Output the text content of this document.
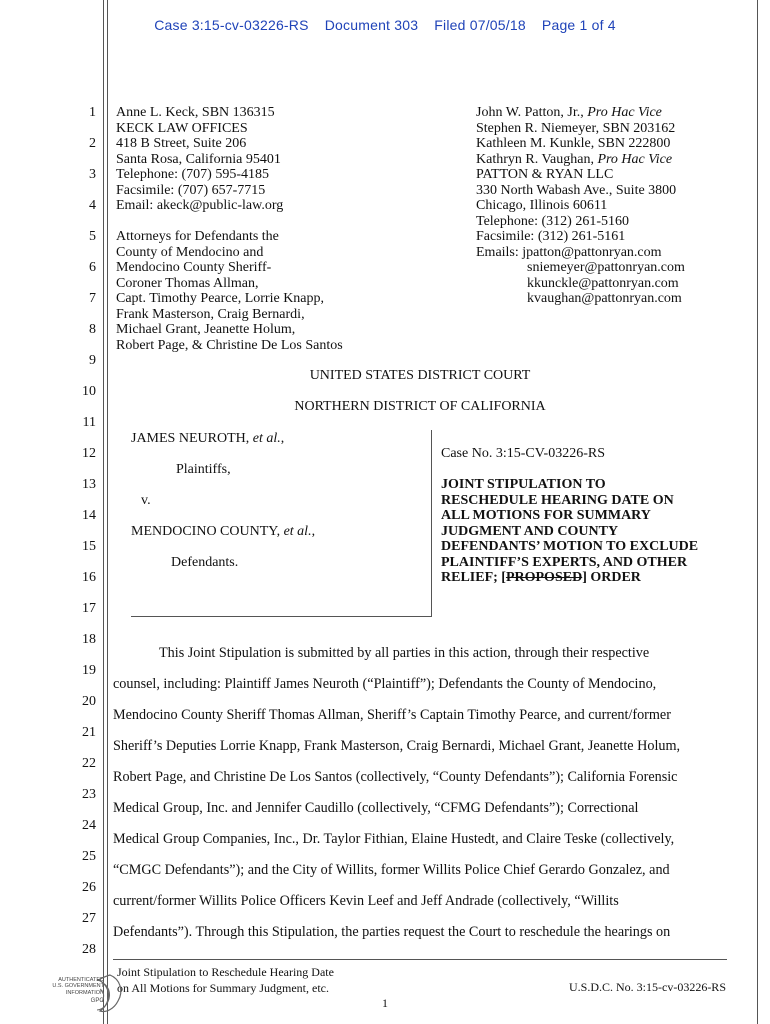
Case 3:15-cv-03226-RS Document 303 Filed 07/05/18 Page 1 of 4
1
2
3
4
5
6
7
8
9
10
11
12
13
14
15
16
17
18
19
20
21
22
23
24
25
26
27
28
Anne L. Keck, SBN 136315
KECK LAW OFFICES
418 B Street, Suite 206
Santa Rosa, California 95401
Telephone: (707) 595-4185
Facsimile: (707) 657-7715
Email: akeck@public-law.org
Attorneys for Defendants the
County of Mendocino and
Mendocino County Sheriff-
Coroner Thomas Allman,
Capt. Timothy Pearce, Lorrie Knapp,
Frank Masterson, Craig Bernardi,
Michael Grant, Jeanette Holum,
Robert Page, & Christine De Los Santos
John W. Patton, Jr., Pro Hac Vice
Stephen R. Niemeyer, SBN 203162
Kathleen M. Kunkle, SBN 222800
Kathryn R. Vaughan, Pro Hac Vice
PATTON & RYAN LLC
330 North Wabash Ave., Suite 3800
Chicago, Illinois 60611
Telephone: (312) 261-5160
Facsimile: (312) 261-5161
Emails: jpatton@pattonryan.com
sniemeyer@pattonryan.com
kkunckle@pattonryan.com
kvaughan@pattonryan.com
UNITED STATES DISTRICT COURT
NORTHERN DISTRICT OF CALIFORNIA
JAMES NEUROTH, et al.,
Plaintiffs,
v.
MENDOCINO COUNTY, et al.,
Defendants.
Case No. 3:15-CV-03226-RS
JOINT STIPULATION TO
RESCHEDULE HEARING DATE ON
ALL MOTIONS FOR SUMMARY
JUDGMENT AND COUNTY
DEFENDANTS’ MOTION TO EXCLUDE
PLAINTIFF’S EXPERTS, AND OTHER
RELIEF; [PROPOSED] ORDER
This Joint Stipulation is submitted by all parties in this action, through their respective
counsel, including: Plaintiff James Neuroth (“Plaintiff”); Defendants the County of Mendocino,
Mendocino County Sheriff Thomas Allman, Sheriff’s Captain Timothy Pearce, and current/former
Sheriff’s Deputies Lorrie Knapp, Frank Masterson, Craig Bernardi, Michael Grant, Jeanette Holum,
Robert Page, and Christine De Los Santos (collectively, “County Defendants”); California Forensic
Medical Group, Inc. and Jennifer Caudillo (collectively, “CFMG Defendants”); Correctional
Medical Group Companies, Inc., Dr. Taylor Fithian, Elaine Hustedt, and Claire Teske (collectively,
“CMGC Defendants”); and the City of Willits, former Willits Police Chief Gerardo Gonzalez, and
current/former Willits Police Officers Kevin Leef and Jeff Andrade (collectively, “Willits
Defendants”). Through this Stipulation, the parties request the Court to reschedule the hearings on
Joint Stipulation to Reschedule Hearing Date
on All Motions for Summary Judgment, etc.	U.S.D.C. No. 3:15-cv-03226-RS
1
AUTHENTICATED
U.S. GOVERNMENT
INFORMATION
GPO
